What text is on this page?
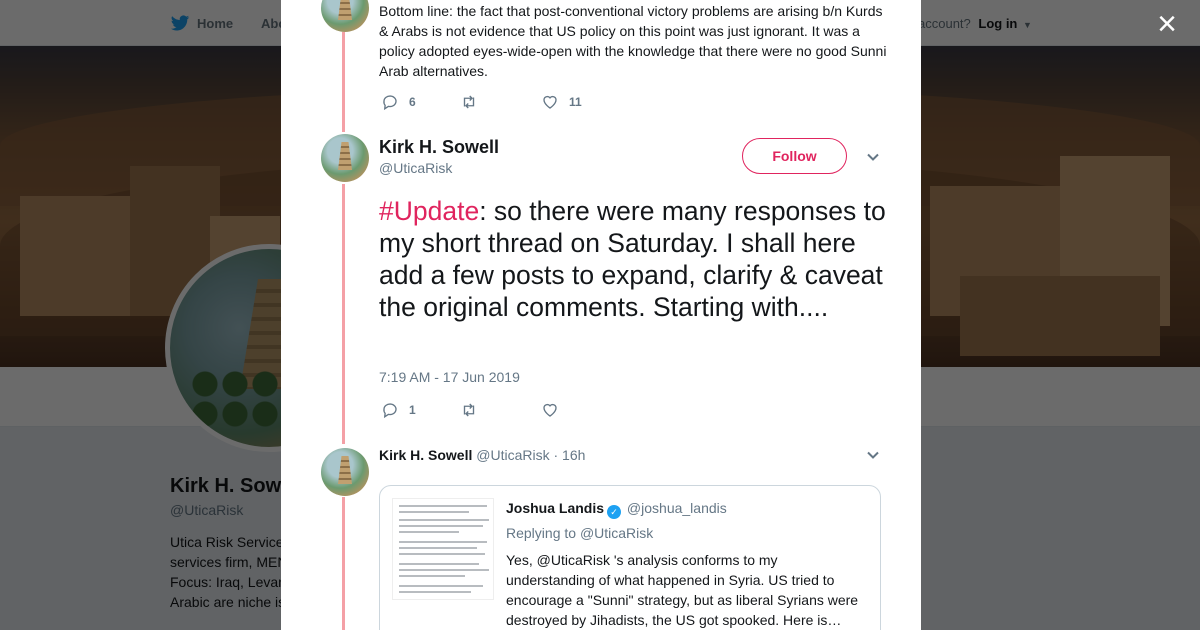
×
Bottom line: the fact that post-conventional victory problems are arising b/n Kurds & Arabs is not evidence that US policy on this point was just ignorant. It was a policy adopted eyes-wide-open with the knowledge that there were no good Sunni Arab alternatives.
6	11
Kirk H. Sowell
@UticaRisk
Follow
#Update: so there were many responses to my short thread on Saturday. I shall here add a few posts to expand, clarify & caveat the original comments. Starting with....
7:19 AM - 17 Jun 2019
1
Kirk H. Sowell @UticaRisk · 16h
Joshua Landis ✓ @joshua_landis
Replying to @UticaRisk
Yes, @UticaRisk 's analysis conforms to my understanding of what happened in Syria. US tried to encourage a "Sunni" strategy, but as liberal Syrians were destroyed by Jihadists, the US got spooked. Here is…
